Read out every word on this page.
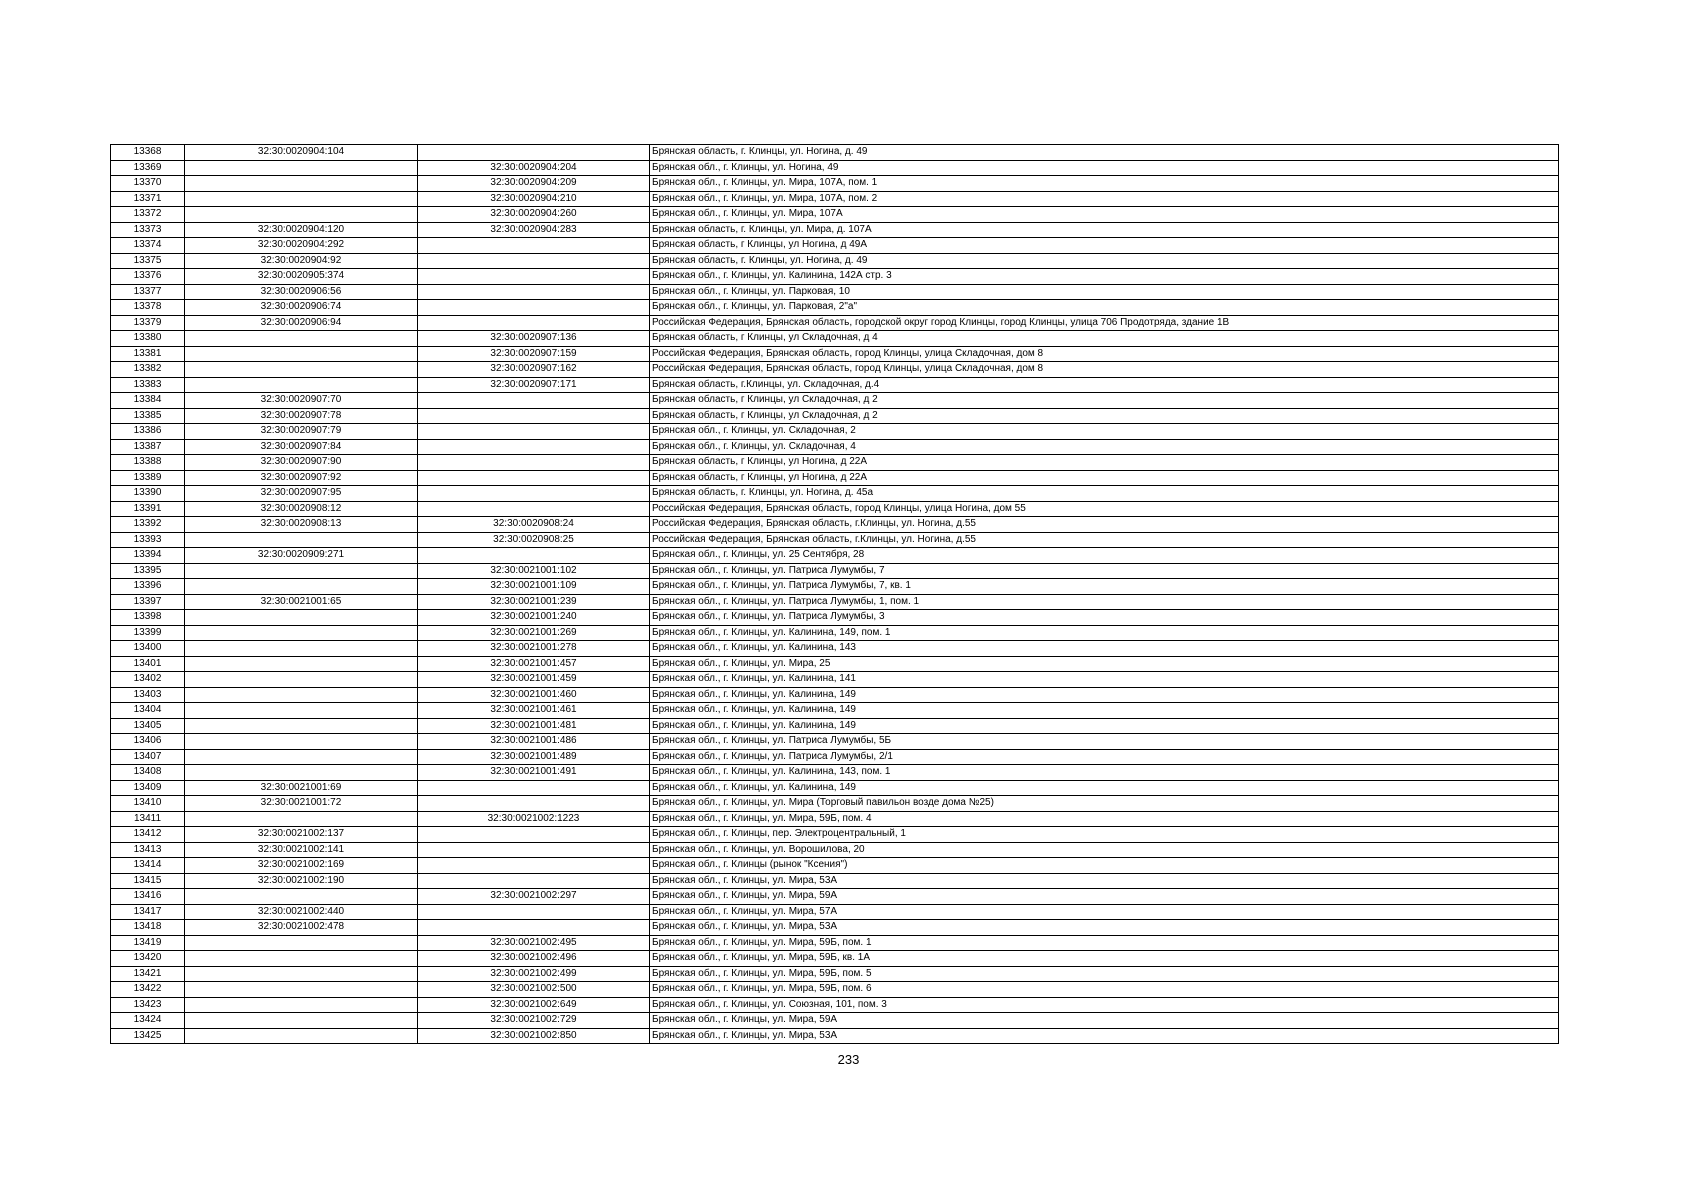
13368	32:30:0020904:104		Брянская область, г. Клинцы, ул. Ногина, д. 49
13369		32:30:0020904:204	Брянская обл., г. Клинцы, ул. Ногина, 49
13370		32:30:0020904:209	Брянская обл., г. Клинцы, ул. Мира, 107А, пом. 1
13371		32:30:0020904:210	Брянская обл., г. Клинцы, ул. Мира, 107А, пом. 2
13372		32:30:0020904:260	Брянская обл., г. Клинцы, ул. Мира, 107А
13373	32:30:0020904:120	32:30:0020904:283	Брянская область, г. Клинцы, ул. Мира, д. 107А
13374	32:30:0020904:292		Брянская область, г Клинцы, ул Ногина, д 49А
13375	32:30:0020904:92		Брянская область, г. Клинцы, ул. Ногина, д. 49
13376	32:30:0020905:374		Брянская обл., г. Клинцы, ул. Калинина, 142А стр. 3
13377	32:30:0020906:56		Брянская обл., г. Клинцы, ул. Парковая, 10
13378	32:30:0020906:74		Брянская обл., г. Клинцы, ул. Парковая, 2"а"
13379	32:30:0020906:94		Российская Федерация, Брянская область, городской округ город Клинцы, город Клинцы, улица 706 Продотряда, здание 1В
13380		32:30:0020907:136	Брянская область, г Клинцы, ул Складочная, д 4
13381		32:30:0020907:159	Российская Федерация, Брянская область, город Клинцы, улица Складочная, дом 8
13382		32:30:0020907:162	Российская Федерация, Брянская область, город Клинцы, улица Складочная, дом 8
13383		32:30:0020907:171	Брянская область, г.Клинцы, ул. Складочная, д.4
13384	32:30:0020907:70		Брянская область, г Клинцы, ул Складочная, д 2
13385	32:30:0020907:78		Брянская область, г Клинцы, ул Складочная, д 2
13386	32:30:0020907:79		Брянская обл., г. Клинцы, ул. Складочная, 2
13387	32:30:0020907:84		Брянская обл., г. Клинцы, ул. Складочная, 4
13388	32:30:0020907:90		Брянская область, г Клинцы, ул Ногина, д 22А
13389	32:30:0020907:92		Брянская область, г Клинцы, ул Ногина, д 22А
13390	32:30:0020907:95		Брянская область, г. Клинцы, ул. Ногина, д. 45а
13391	32:30:0020908:12		Российская Федерация, Брянская область, город Клинцы, улица Ногина, дом 55
13392	32:30:0020908:13	32:30:0020908:24	Российская Федерация, Брянская область, г.Клинцы, ул. Ногина, д.55
13393		32:30:0020908:25	Российская Федерация, Брянская область, г.Клинцы, ул. Ногина, д.55
13394	32:30:0020909:271		Брянская обл., г. Клинцы, ул. 25 Сентября, 28
13395		32:30:0021001:102	Брянская обл., г. Клинцы, ул. Патриса Лумумбы, 7
13396		32:30:0021001:109	Брянская обл., г. Клинцы, ул. Патриса Лумумбы, 7, кв. 1
13397	32:30:0021001:65	32:30:0021001:239	Брянская обл., г. Клинцы, ул. Патриса Лумумбы, 1, пом. 1
13398		32:30:0021001:240	Брянская обл., г. Клинцы, ул. Патриса Лумумбы, 3
13399		32:30:0021001:269	Брянская обл., г. Клинцы, ул. Калинина, 149, пом. 1
13400		32:30:0021001:278	Брянская обл., г. Клинцы, ул. Калинина, 143
13401		32:30:0021001:457	Брянская обл., г. Клинцы, ул. Мира, 25
13402		32:30:0021001:459	Брянская обл., г. Клинцы, ул. Калинина, 141
13403		32:30:0021001:460	Брянская обл., г. Клинцы, ул. Калинина, 149
13404		32:30:0021001:461	Брянская обл., г. Клинцы, ул. Калинина, 149
13405		32:30:0021001:481	Брянская обл., г. Клинцы, ул. Калинина, 149
13406		32:30:0021001:486	Брянская обл., г. Клинцы, ул. Патриса Лумумбы, 5Б
13407		32:30:0021001:489	Брянская обл., г. Клинцы, ул. Патриса Лумумбы, 2/1
13408		32:30:0021001:491	Брянская обл., г. Клинцы, ул. Калинина, 143, пом. 1
13409	32:30:0021001:69		Брянская обл., г. Клинцы, ул. Калинина, 149
13410	32:30:0021001:72		Брянская обл., г. Клинцы, ул. Мира (Торговый павильон возде дома №25)
13411		32:30:0021002:1223	Брянская обл., г. Клинцы, ул. Мира, 59Б, пом. 4
13412	32:30:0021002:137		Брянская обл., г. Клинцы, пер. Электроцентральный, 1
13413	32:30:0021002:141		Брянская обл., г. Клинцы, ул. Ворошилова, 20
13414	32:30:0021002:169		Брянская обл., г. Клинцы (рынок "Ксения")
13415	32:30:0021002:190		Брянская обл., г. Клинцы, ул. Мира, 53А
13416		32:30:0021002:297	Брянская обл., г. Клинцы, ул. Мира, 59А
13417	32:30:0021002:440		Брянская обл., г. Клинцы, ул. Мира, 57А
13418	32:30:0021002:478		Брянская обл., г. Клинцы, ул. Мира, 53А
13419		32:30:0021002:495	Брянская обл., г. Клинцы, ул. Мира, 59Б, пом. 1
13420		32:30:0021002:496	Брянская обл., г. Клинцы, ул. Мира, 59Б, кв. 1А
13421		32:30:0021002:499	Брянская обл., г. Клинцы, ул. Мира, 59Б, пом. 5
13422		32:30:0021002:500	Брянская обл., г. Клинцы, ул. Мира, 59Б, пом. 6
13423		32:30:0021002:649	Брянская обл., г. Клинцы, ул. Союзная, 101, пом. 3
13424		32:30:0021002:729	Брянская обл., г. Клинцы, ул. Мира, 59А
13425		32:30:0021002:850	Брянская обл., г. Клинцы, ул. Мира, 53А
233
